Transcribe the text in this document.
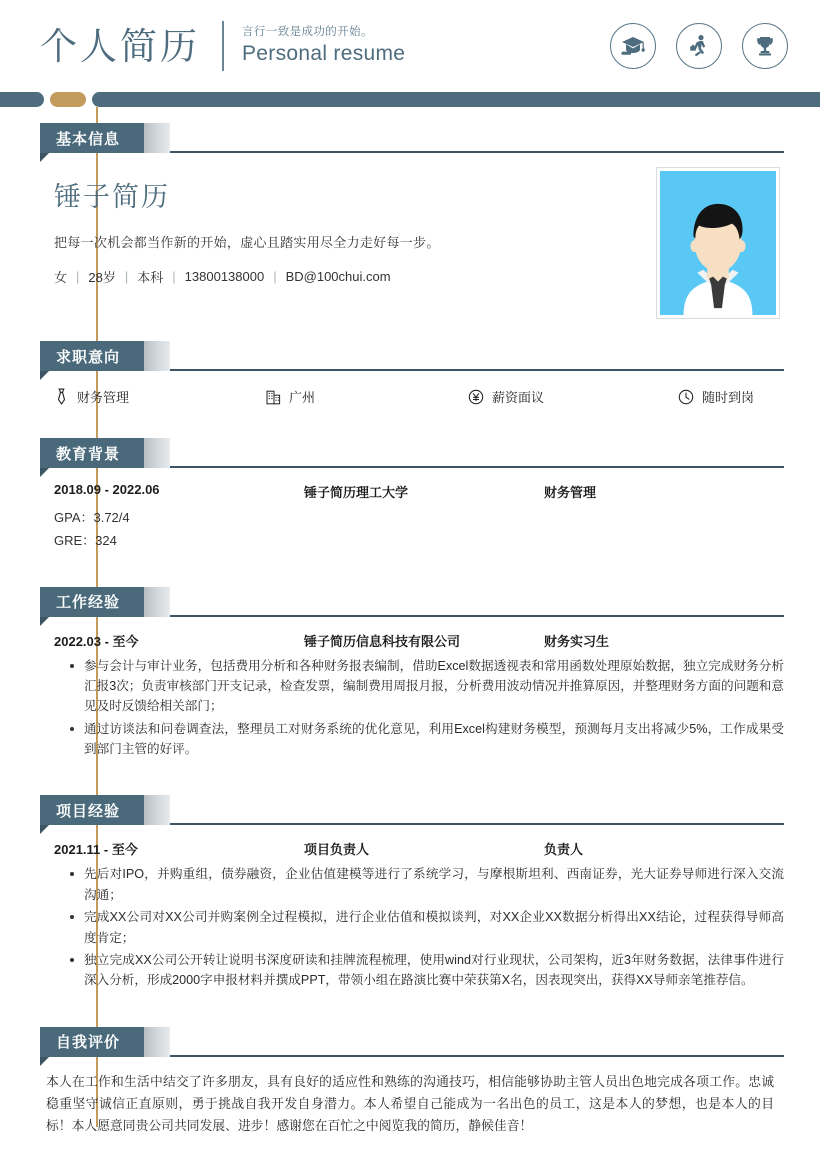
个人简历	言行一致是成功的开始。
Personal resume
基本信息
锤子简历
把每一次机会都当作新的开始，虚心且踏实用尽全力走好每一步。
女 | 28岁 | 本科 | 13800138000 | BD@100chui.com
求职意向
财务管理	广州	薪资面议	随时到岗
教育背景
2018.09 - 2022.06	锤子简历理工大学	财务管理
GPA：3.72/4
GRE：324
工作经验
2022.03 - 至今	锤子简历信息科技有限公司	财务实习生
参与会计与审计业务，包括费用分析和各种财务报表编制，借助Excel数据透视表和常用函数处理原始数据，独立完成财务分析汇报3次；负责审核部门开支记录，检查发票，编制费用周报月报，分析费用波动情况并推算原因，并整理财务方面的问题和意见及时反馈给相关部门；
通过访谈法和问卷调查法，整理员工对财务系统的优化意见，利用Excel构建财务模型，预测每月支出将减少5%，工作成果受到部门主管的好评。
项目经验
2021.11 - 至今	项目负责人	负责人
先后对IPO，并购重组，债券融资，企业估值建模等进行了系统学习，与摩根斯坦利、西南证券，光大证券导师进行深入交流沟通；
完成XX公司对XX公司并购案例全过程模拟，进行企业估值和模拟谈判，对XX企业XX数据分析得出XX结论，过程获得导师高度肯定；
独立完成XX公司公开转让说明书深度研读和挂牌流程梳理，使用wind对行业现状，公司架构，近3年财务数据，法律事件进行深入分析，形成2000字申报材料并撰成PPT，带领小组在路演比赛中荣获第X名，因表现突出，获得XX导师亲笔推荐信。
自我评价

本人在工作和生活中结交了许多朋友，具有良好的适应性和熟练的沟通技巧，相信能够协助主管人员出色地完成各项工作。忠诚稳重坚守诚信正直原则，勇于挑战自我开发自身潜力。本人希望自己能成为一名出色的员工，这是本人的梦想，也是本人的目标！本人愿意同贵公司共同发展、进步！感谢您在百忙之中阅览我的简历，静候佳音！
